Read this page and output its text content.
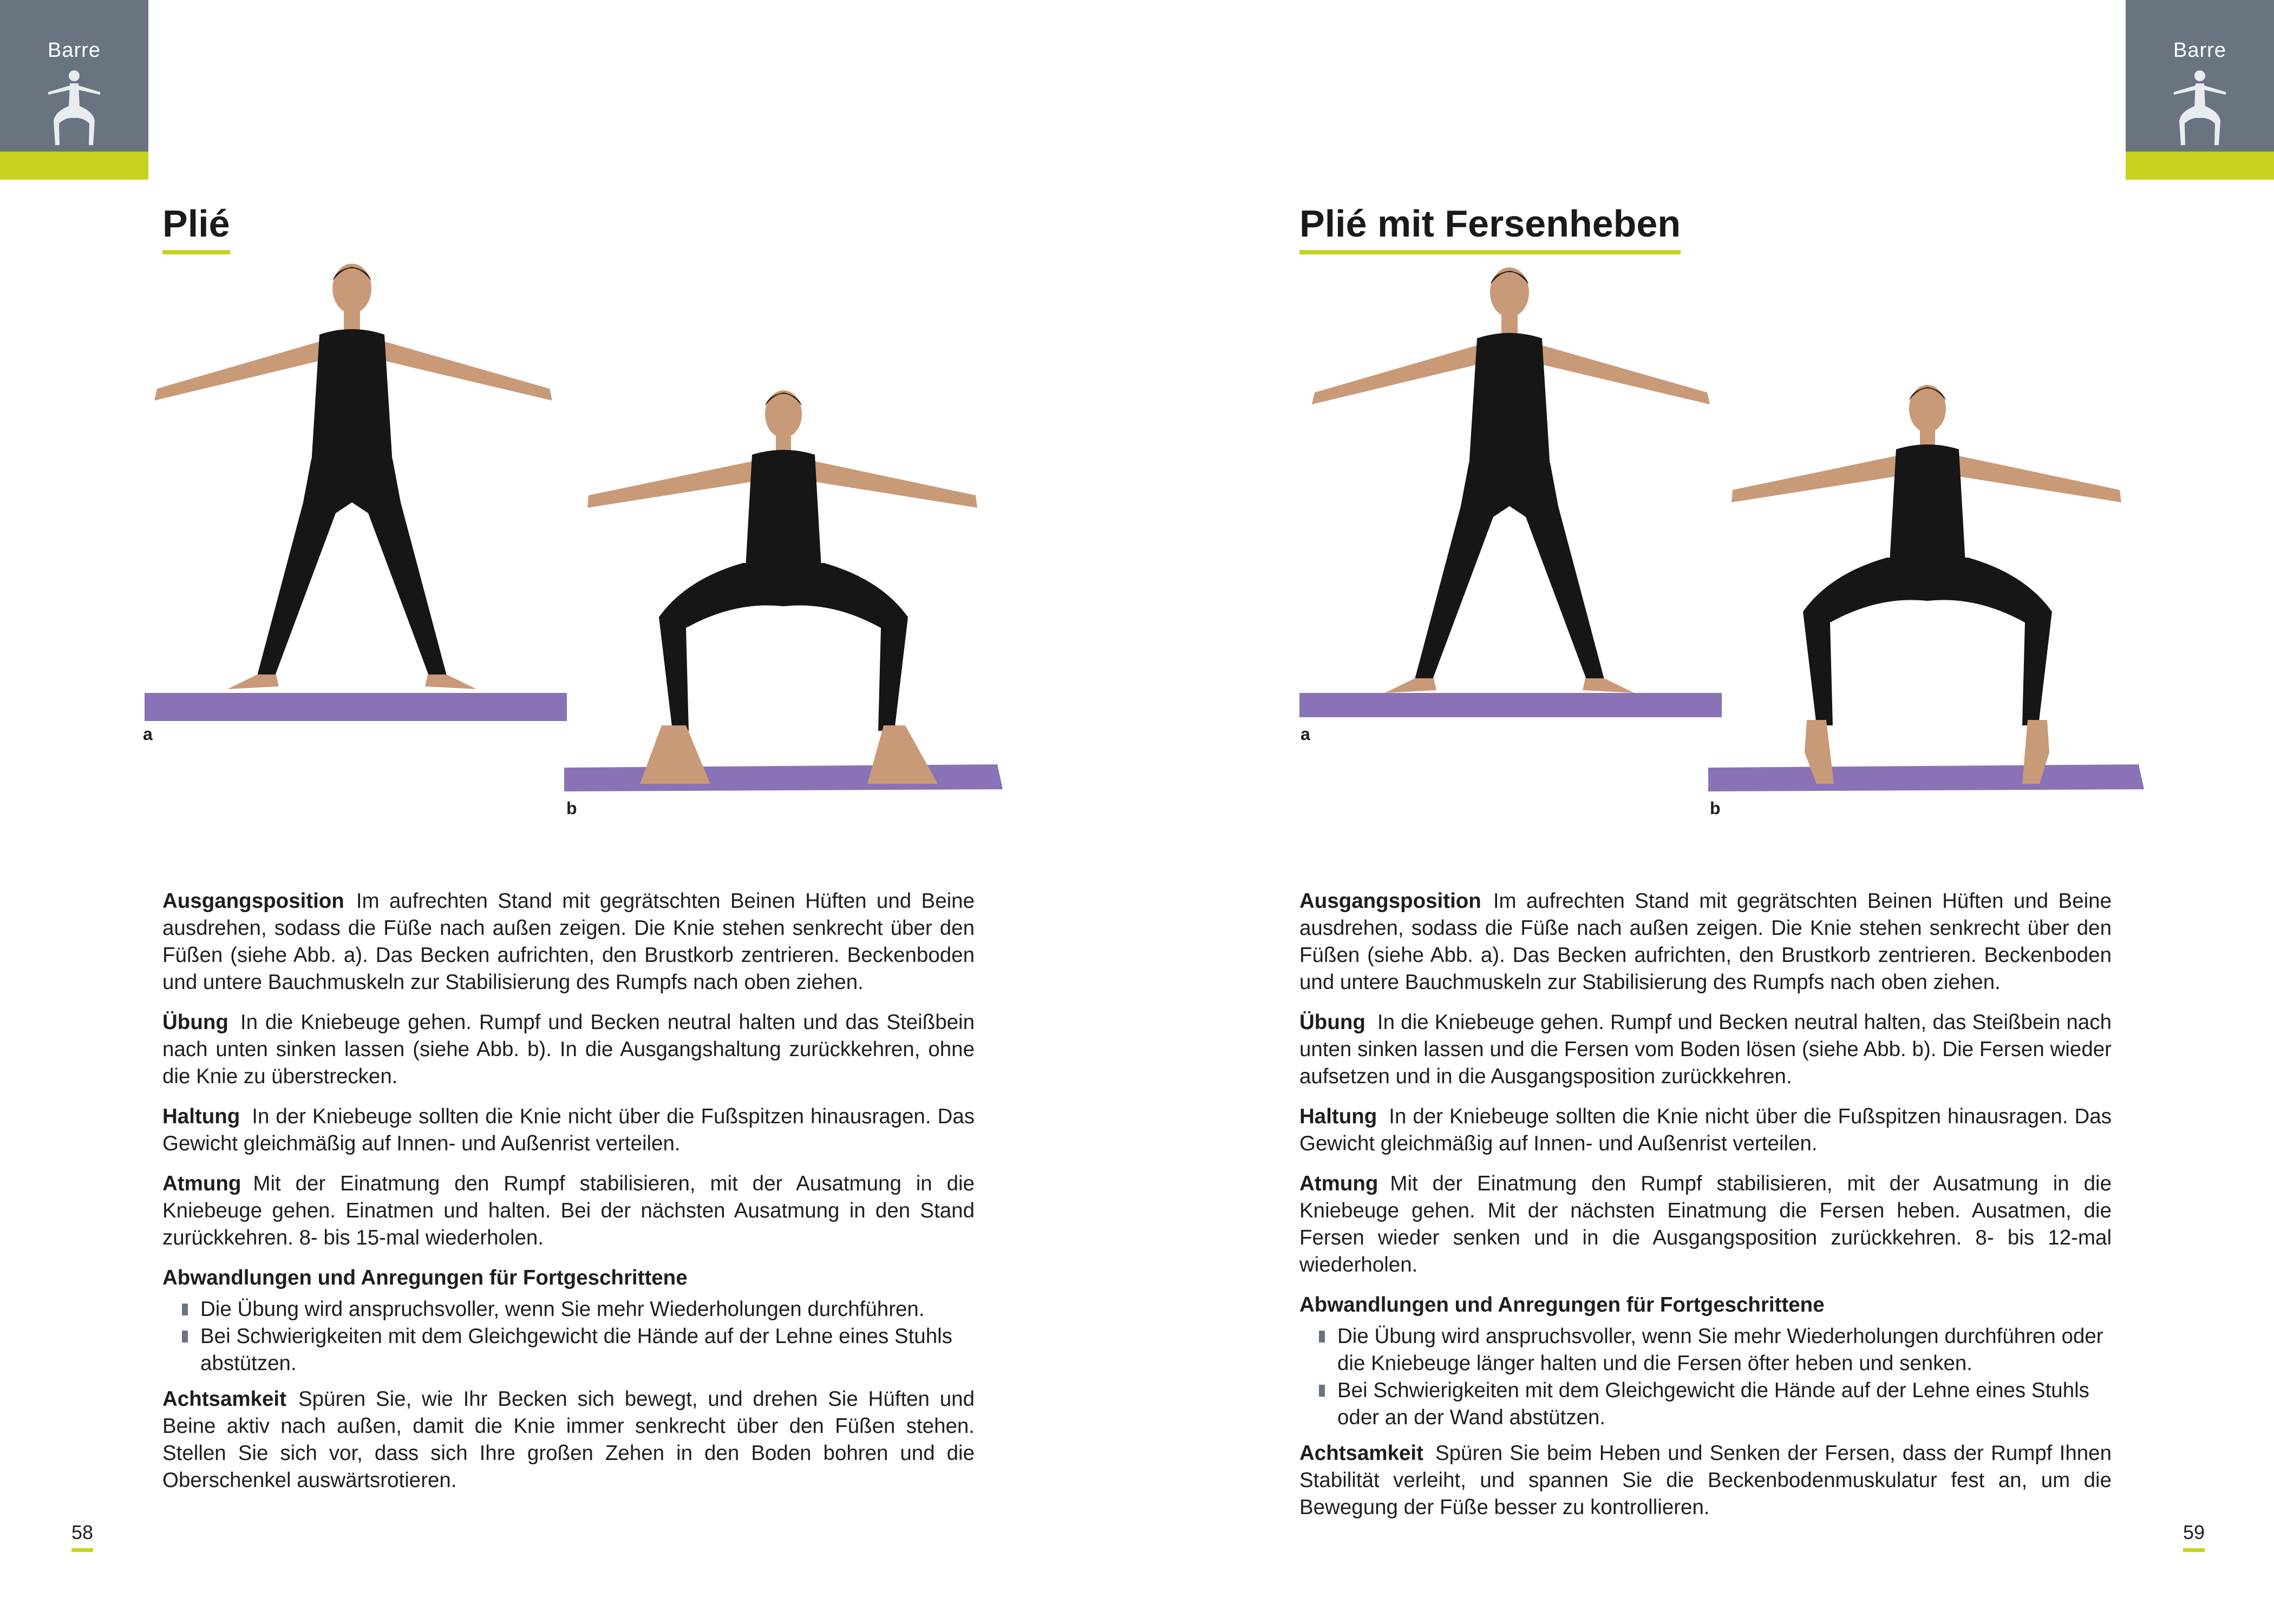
Barre
Plié
a
b

Ausgangsposition Im aufrechten Stand mit gegrätschten Beinen Hüften und Beine ausdrehen, sodass die Füße nach außen zeigen. Die Knie stehen senkrecht über den Füßen (siehe Abb. a). Das Becken aufrichten, den Brustkorb zentrieren. Beckenboden und untere Bauchmuskeln zur Stabilisierung des Rumpfs nach oben ziehen.

Übung In die Kniebeuge gehen. Rumpf und Becken neutral halten und das Steißbein nach unten sinken lassen (siehe Abb. b). In die Ausgangshaltung zurückkehren, ohne die Knie zu überstrecken.

Haltung In der Kniebeuge sollten die Knie nicht über die Fußspitzen hinausragen. Das Gewicht gleichmäßig auf Innen- und Außenrist verteilen.

Atmung Mit der Einatmung den Rumpf stabilisieren, mit der Ausatmung in die Kniebeuge gehen. Einatmen und halten. Bei der nächsten Ausatmung in den Stand zurückkehren. 8- bis 15-mal wiederholen.

Abwandlungen und Anregungen für Fortgeschrittene
Die Übung wird anspruchsvoller, wenn Sie mehr Wiederholungen durchführen.
Bei Schwierigkeiten mit dem Gleichgewicht die Hände auf der Lehne eines Stuhls abstützen.

Achtsamkeit Spüren Sie, wie Ihr Becken sich bewegt, und drehen Sie Hüften und Beine aktiv nach außen, damit die Knie immer senkrecht über den Füßen stehen. Stellen Sie sich vor, dass sich Ihre großen Zehen in den Boden bohren und die Oberschenkel auswärtsrotieren.

58
Barre
Plié mit Fersenheben
a
b

Ausgangsposition Im aufrechten Stand mit gegrätschten Beinen Hüften und Beine ausdrehen, sodass die Füße nach außen zeigen. Die Knie stehen senkrecht über den Füßen (siehe Abb. a). Das Becken aufrichten, den Brustkorb zentrieren. Beckenboden und untere Bauchmuskeln zur Stabilisierung des Rumpfs nach oben ziehen.

Übung In die Kniebeuge gehen. Rumpf und Becken neutral halten, das Steißbein nach unten sinken lassen und die Fersen vom Boden lösen (siehe Abb. b). Die Fersen wieder aufsetzen und in die Ausgangsposition zurückkehren.

Haltung In der Kniebeuge sollten die Knie nicht über die Fußspitzen hinausragen. Das Gewicht gleichmäßig auf Innen- und Außenrist verteilen.

Atmung Mit der Einatmung den Rumpf stabilisieren, mit der Ausatmung in die Kniebeuge gehen. Mit der nächsten Einatmung die Fersen heben. Ausatmen, die Fersen wieder senken und in die Ausgangsposition zurückkehren. 8- bis 12-mal wiederholen.

Abwandlungen und Anregungen für Fortgeschrittene
Die Übung wird anspruchsvoller, wenn Sie mehr Wiederholungen durchführen oder die Kniebeuge länger halten und die Fersen öfter heben und senken.
Bei Schwierigkeiten mit dem Gleichgewicht die Hände auf der Lehne eines Stuhls oder an der Wand abstützen.

Achtsamkeit Spüren Sie beim Heben und Senken der Fersen, dass der Rumpf Ihnen Stabilität verleiht, und spannen Sie die Beckenbodenmuskulatur fest an, um die Bewegung der Füße besser zu kontrollieren.

59
